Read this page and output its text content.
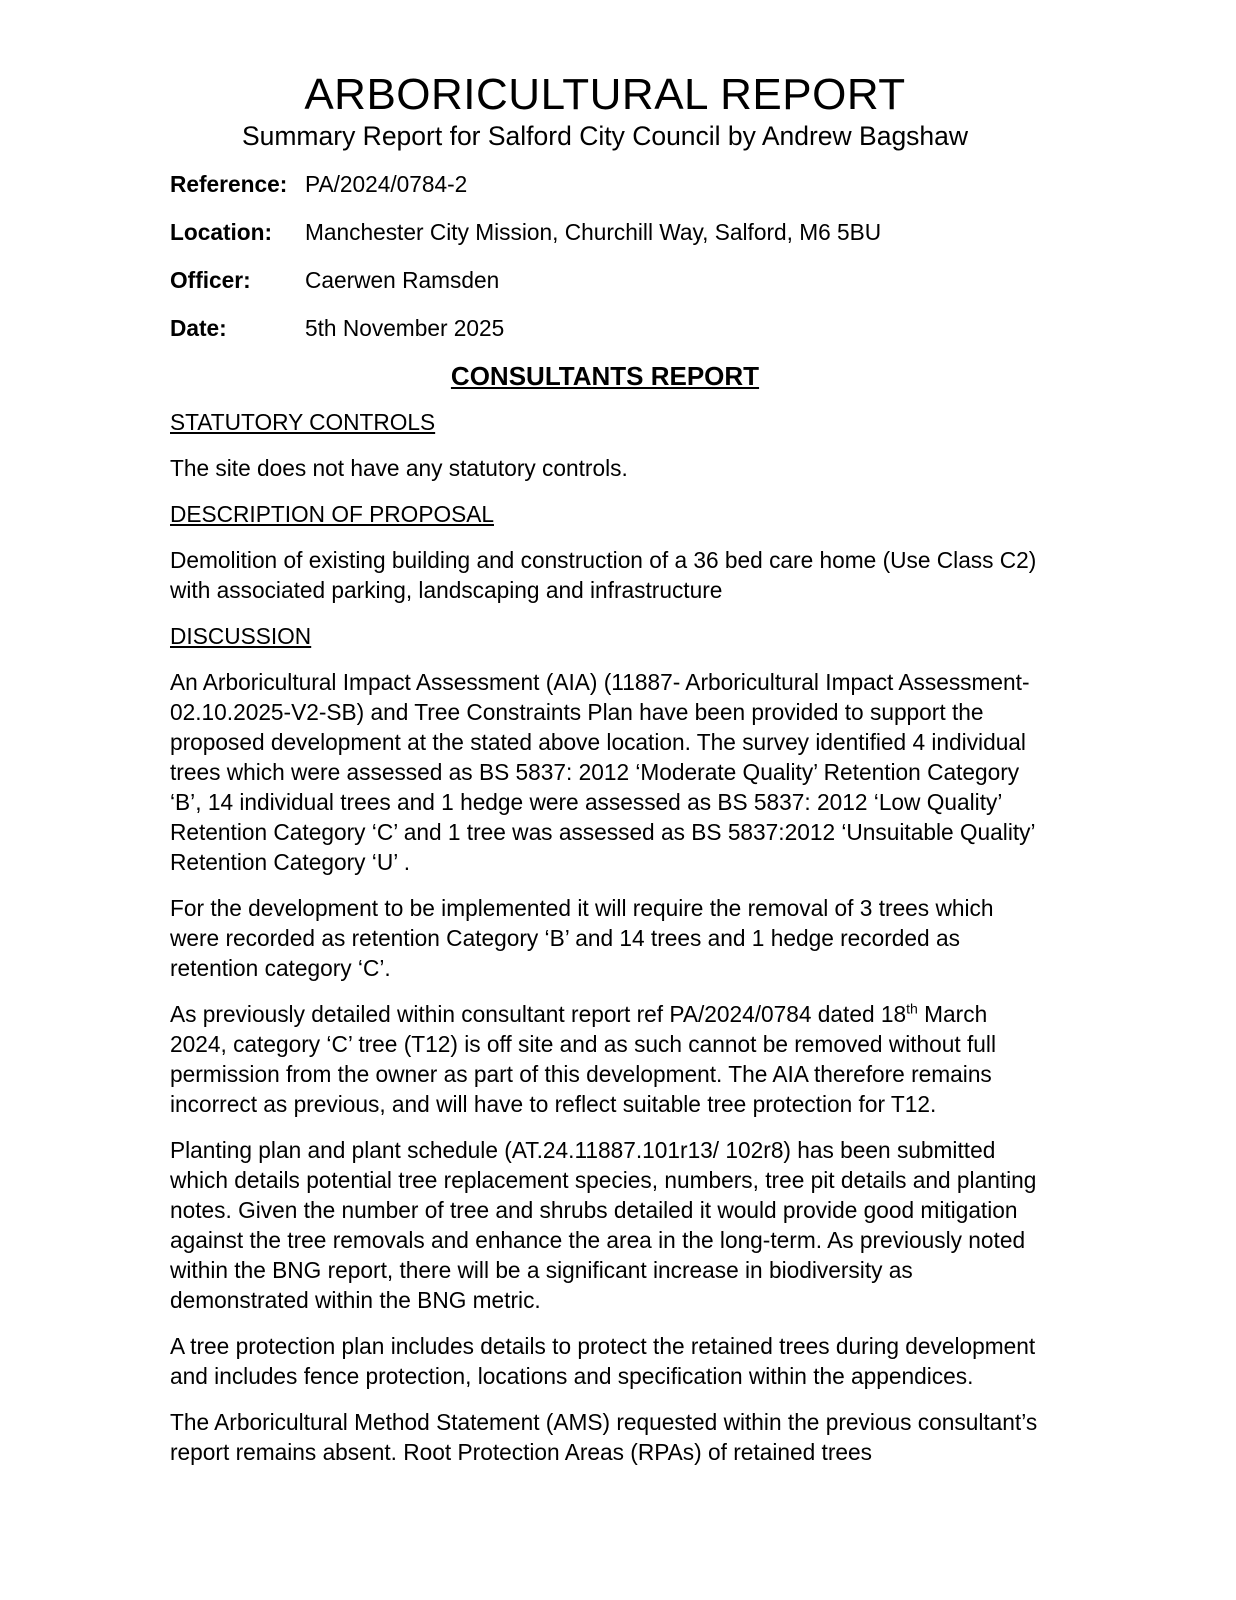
ARBORICULTURAL REPORT
Summary Report for Salford City Council by Andrew Bagshaw
Reference: PA/2024/0784-2
Location:	Manchester City Mission, Churchill Way, Salford, M6 5BU
Officer:	Caerwen Ramsden
Date:	5th November 2025
CONSULTANTS REPORT
STATUTORY CONTROLS

The site does not have any statutory controls.

DESCRIPTION OF PROPOSAL

Demolition of existing building and construction of a 36 bed care home (Use Class C2) with associated parking, landscaping and infrastructure

DISCUSSION

An Arboricultural Impact Assessment (AIA) (11887- Arboricultural Impact Assessment-02.10.2025-V2-SB) and Tree Constraints Plan have been provided to support the proposed development at the stated above location. The survey identified 4 individual trees which were assessed as BS 5837: 2012 ‘Moderate Quality’ Retention Category ‘B’, 14 individual trees and 1 hedge were assessed as BS 5837: 2012 ‘Low Quality’ Retention Category ‘C’ and 1 tree was assessed as BS 5837:2012 ‘Unsuitable Quality’ Retention Category ‘U’ .

For the development to be implemented it will require the removal of 3 trees which were recorded as retention Category ‘B’ and 14 trees and 1 hedge recorded as retention category ‘C’.

As previously detailed within consultant report ref PA/2024/0784 dated 18th March 2024, category ‘C’ tree (T12) is off site and as such cannot be removed without full permission from the owner as part of this development. The AIA therefore remains incorrect as previous, and will have to reflect suitable tree protection for T12.

Planting plan and plant schedule (AT.24.11887.101r13/ 102r8) has been submitted which details potential tree replacement species, numbers, tree pit details and planting notes. Given the number of tree and shrubs detailed it would provide good mitigation against the tree removals and enhance the area in the long-term. As previously noted within the BNG report, there will be a significant increase in biodiversity as demonstrated within the BNG metric.

A tree protection plan includes details to protect the retained trees during development and includes fence protection, locations and specification within the appendices.

The Arboricultural Method Statement (AMS) requested within the previous consultant’s report remains absent. Root Protection Areas (RPAs) of retained trees
